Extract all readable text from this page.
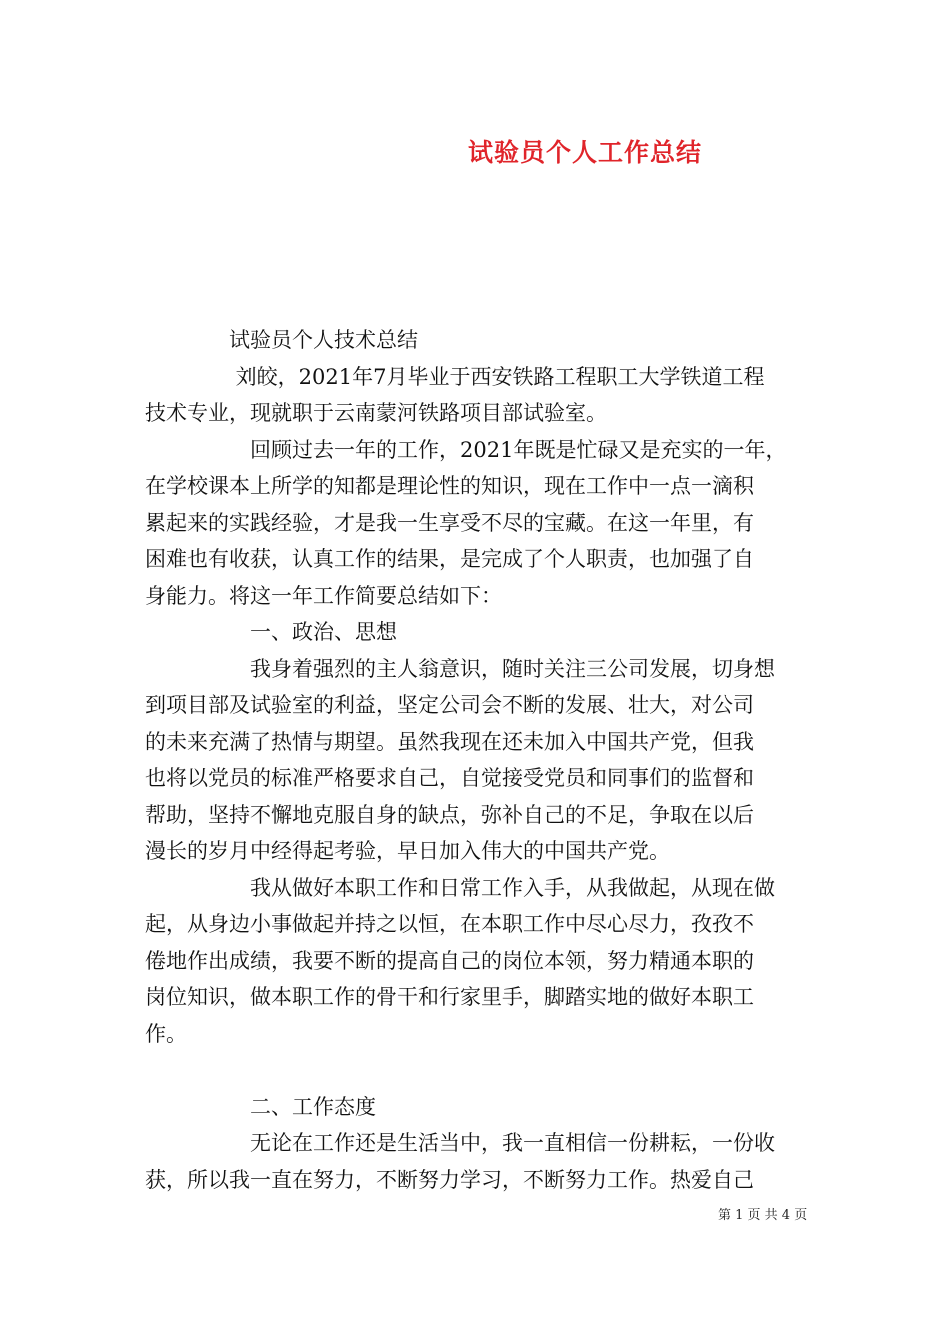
试验员个人工作总结
　　　　试验员个人技术总结
　　　　 刘皎，2021年7月毕业于西安铁路工程职工大学铁道工程
技术专业，现就职于云南蒙河铁路项目部试验室。
　　　　　回顾过去一年的工作，2021年既是忙碌又是充实的一年，
在学校课本上所学的知都是理论性的知识，现在工作中一点一滴积
累起来的实践经验，才是我一生享受不尽的宝藏。在这一年里，有
困难也有收获，认真工作的结果，是完成了个人职责，也加强了自
身能力。将这一年工作简要总结如下：
　　　　　一、政治、思想
　　　　　我身着强烈的主人翁意识，随时关注三公司发展，切身想
到项目部及试验室的利益，坚定公司会不断的发展、壮大，对公司
的未来充满了热情与期望。虽然我现在还未加入中国共产党，但我
也将以党员的标准严格要求自己，自觉接受党员和同事们的监督和
帮助，坚持不懈地克服自身的缺点，弥补自己的不足，争取在以后
漫长的岁月中经得起考验，早日加入伟大的中国共产党。
　　　　　我从做好本职工作和日常工作入手，从我做起，从现在做
起，从身边小事做起并持之以恒，在本职工作中尽心尽力，孜孜不
倦地作出成绩，我要不断的提高自己的岗位本领，努力精通本职的
岗位知识，做本职工作的骨干和行家里手，脚踏实地的做好本职工
作。
　　　　　二、工作态度
　　　　　无论在工作还是生活当中，我一直相信一份耕耘，一份收
获，所以我一直在努力，不断努力学习，不断努力工作。热爱自己
第 1 页 共 4 页
